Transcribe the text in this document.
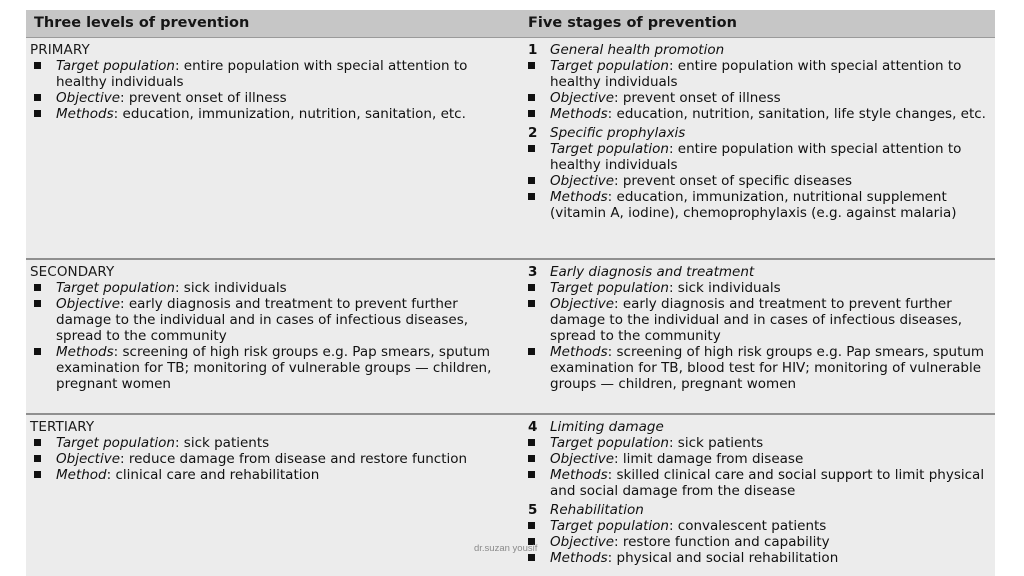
Three levels of prevention	Five stages of prevention
PRIMARY
Target population: entire population with special attention to healthy individuals
Objective: prevent onset of illness
Methods: education, immunization, nutrition, sanitation, etc.
1 General health promotion
Target population: entire population with special attention to healthy individuals
Objective: prevent onset of illness
Methods: education, nutrition, sanitation, life style changes, etc.
2 Specific prophylaxis
Target population: entire population with special attention to healthy individuals
Objective: prevent onset of specific diseases
Methods: education, immunization, nutritional supplement (vitamin A, iodine), chemoprophylaxis (e.g. against malaria)
SECONDARY
Target population: sick individuals
Objective: early diagnosis and treatment to prevent further damage to the individual and in cases of infectious diseases, spread to the community
Methods: screening of high risk groups e.g. Pap smears, sputum examination for TB; monitoring of vulnerable groups — children, pregnant women
3 Early diagnosis and treatment
Target population: sick individuals
Objective: early diagnosis and treatment to prevent further damage to the individual and in cases of infectious diseases, spread to the community
Methods: screening of high risk groups e.g. Pap smears, sputum examination for TB, blood test for HIV; monitoring of vulnerable groups — children, pregnant women
TERTIARY
Target population: sick patients
Objective: reduce damage from disease and restore function
Method: clinical care and rehabilitation
4 Limiting damage
Target population: sick patients
Objective: limit damage from disease
Methods: skilled clinical care and social support to limit physical and social damage from the disease
5 Rehabilitation
Target population: convalescent patients
Objective: restore function and capability
Methods: physical and social rehabilitation
dr.suzan yousif
